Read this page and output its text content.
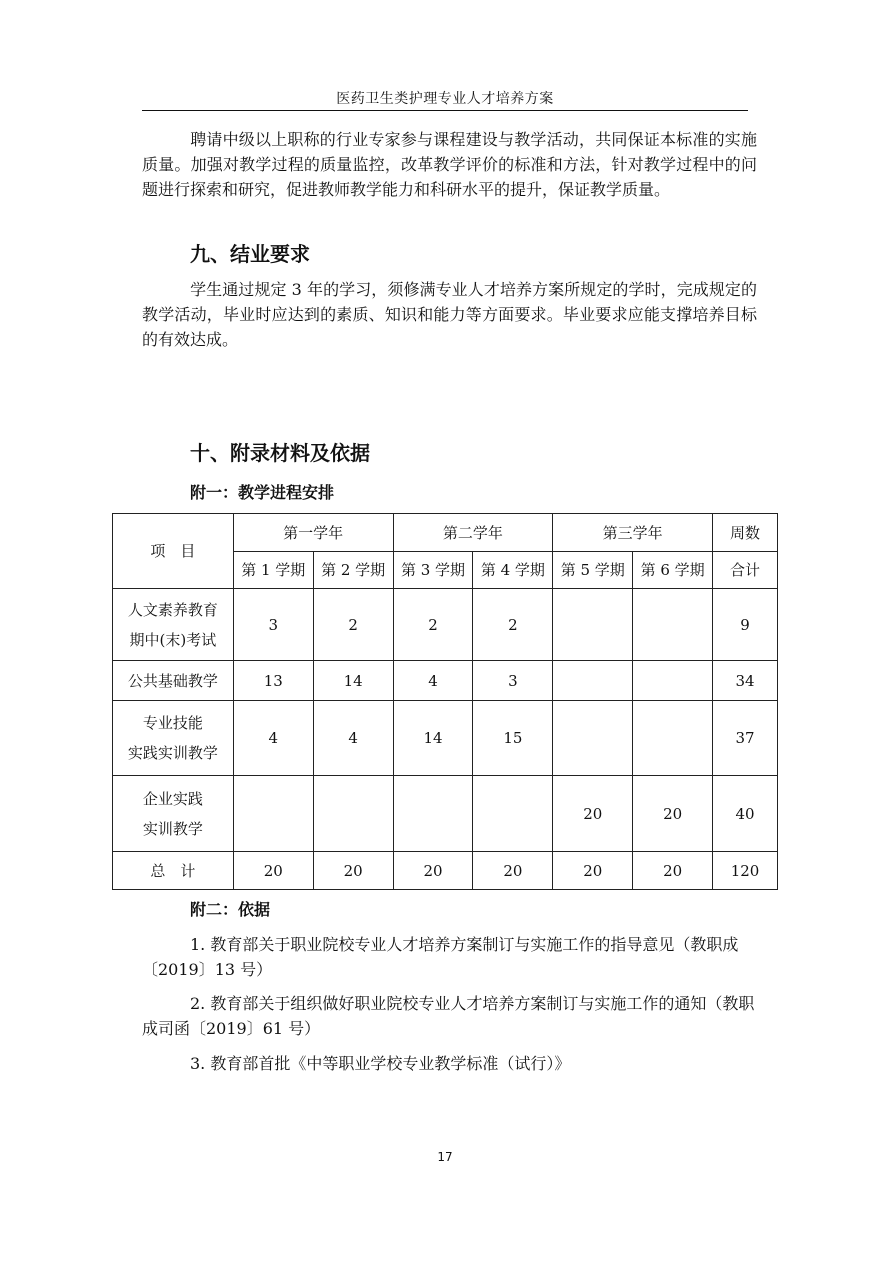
医药卫生类护理专业人才培养方案

聘请中级以上职称的行业专家参与课程建设与教学活动，共同保证本标准的实施质量。加强对教学过程的质量监控，改革教学评价的标准和方法，针对教学过程中的问题进行探索和研究，促进教师教学能力和科研水平的提升，保证教学质量。

九、结业要求

学生通过规定 3 年的学习，须修满专业人才培养方案所规定的学时，完成规定的教学活动，毕业时应达到的素质、知识和能力等方面要求。毕业要求应能支撑培养目标的有效达成。

十、附录材料及依据
附一：教学进程安排
项　目	第一学年		第二学年		第三学年		周数
	第 1 学期	第 2 学期	第 3 学期	第 4 学期	第 5 学期	第 6 学期	合计
人文素养教育
期中(末)考试	3	2	2	2			9
公共基础教学	13	14	4	3			34
专业技能
实践实训教学	4	4	14	15			37
企业实践
实训教学					20	20	40
总　计	20	20	20	20	20	20	120
附二：依据

1. 教育部关于职业院校专业人才培养方案制订与实施工作的指导意见（教职成〔2019〕13 号）

2. 教育部关于组织做好职业院校专业人才培养方案制订与实施工作的通知（教职成司函〔2019〕61 号）

3. 教育部首批《中等职业学校专业教学标准（试行）》

17
